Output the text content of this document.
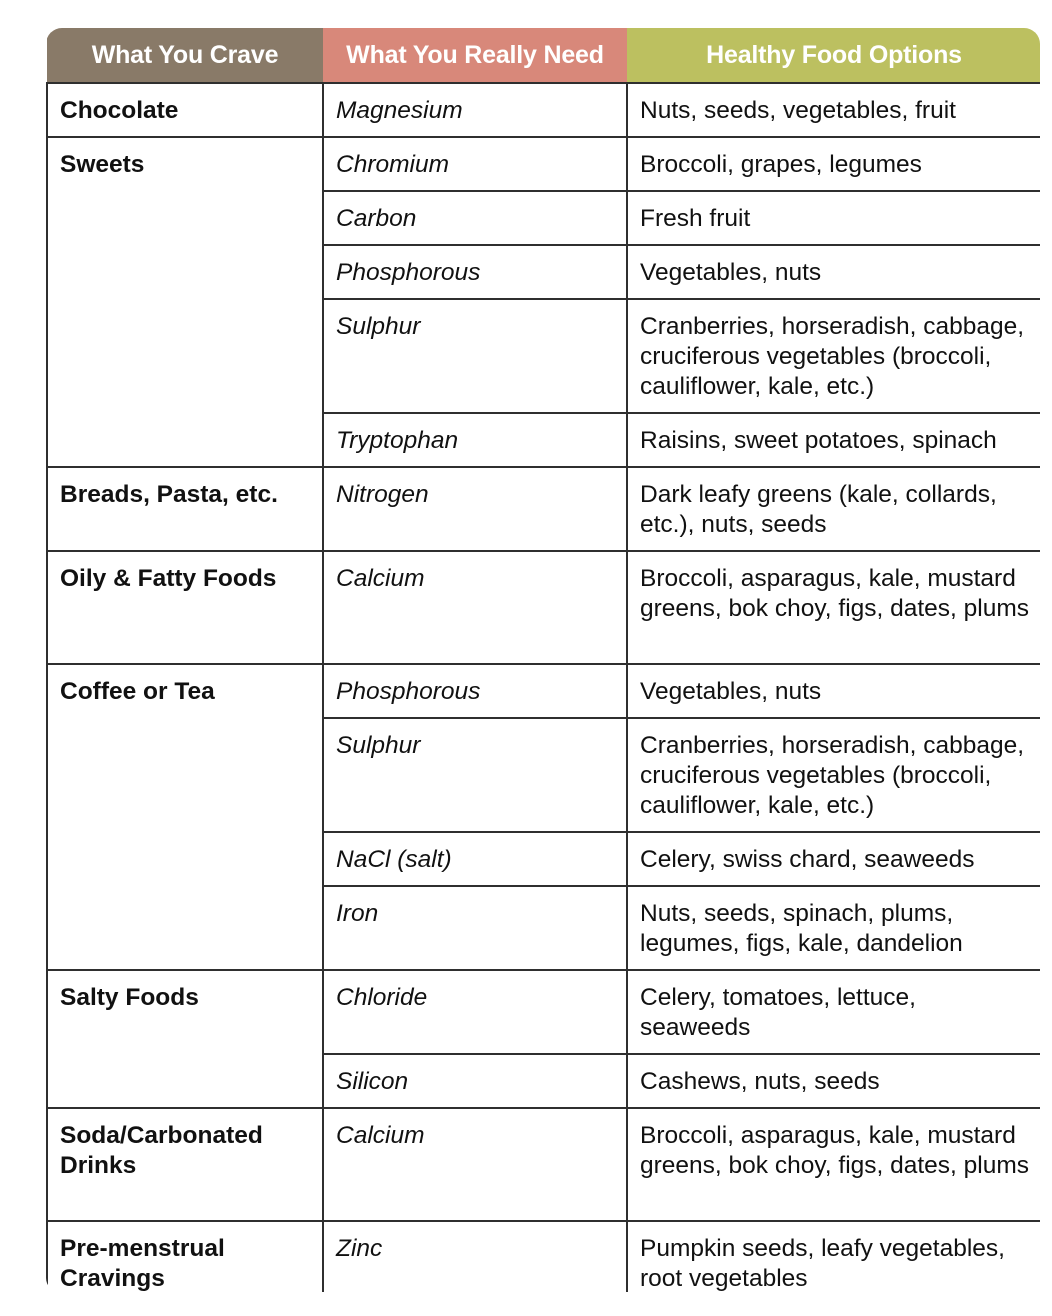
What You Crave	What You Really Need	Healthy Food Options
Chocolate	Magnesium	Nuts, seeds, vegetables, fruit
Sweets	Chromium	Broccoli, grapes, legumes
	Carbon	Fresh fruit
	Phosphorous	Vegetables, nuts
	Sulphur	Cranberries, horseradish, cabbage, cruciferous vegetables (broccoli, cauliflower, kale, etc.)
	Tryptophan	Raisins, sweet potatoes, spinach
Breads, Pasta, etc.	Nitrogen	Dark leafy greens (kale, collards, etc.), nuts, seeds
Oily & Fatty Foods	Calcium	Broccoli, asparagus, kale, mustard greens, bok choy, figs, dates, plums
Coffee or Tea	Phosphorous	Vegetables, nuts
	Sulphur	Cranberries, horseradish, cabbage, cruciferous vegetables (broccoli, cauliflower, kale, etc.)
	NaCl (salt)	Celery, swiss chard, seaweeds
	Iron	Nuts, seeds, spinach, plums, legumes, figs, kale, dandelion
Salty Foods	Chloride	Celery, tomatoes, lettuce, seaweeds
	Silicon	Cashews, nuts, seeds
Soda/Carbonated Drinks	Calcium	Broccoli, asparagus, kale, mustard greens, bok choy, figs, dates, plums
Pre-menstrual Cravings	Zinc	Pumpkin seeds, leafy vegetables, root vegetables
